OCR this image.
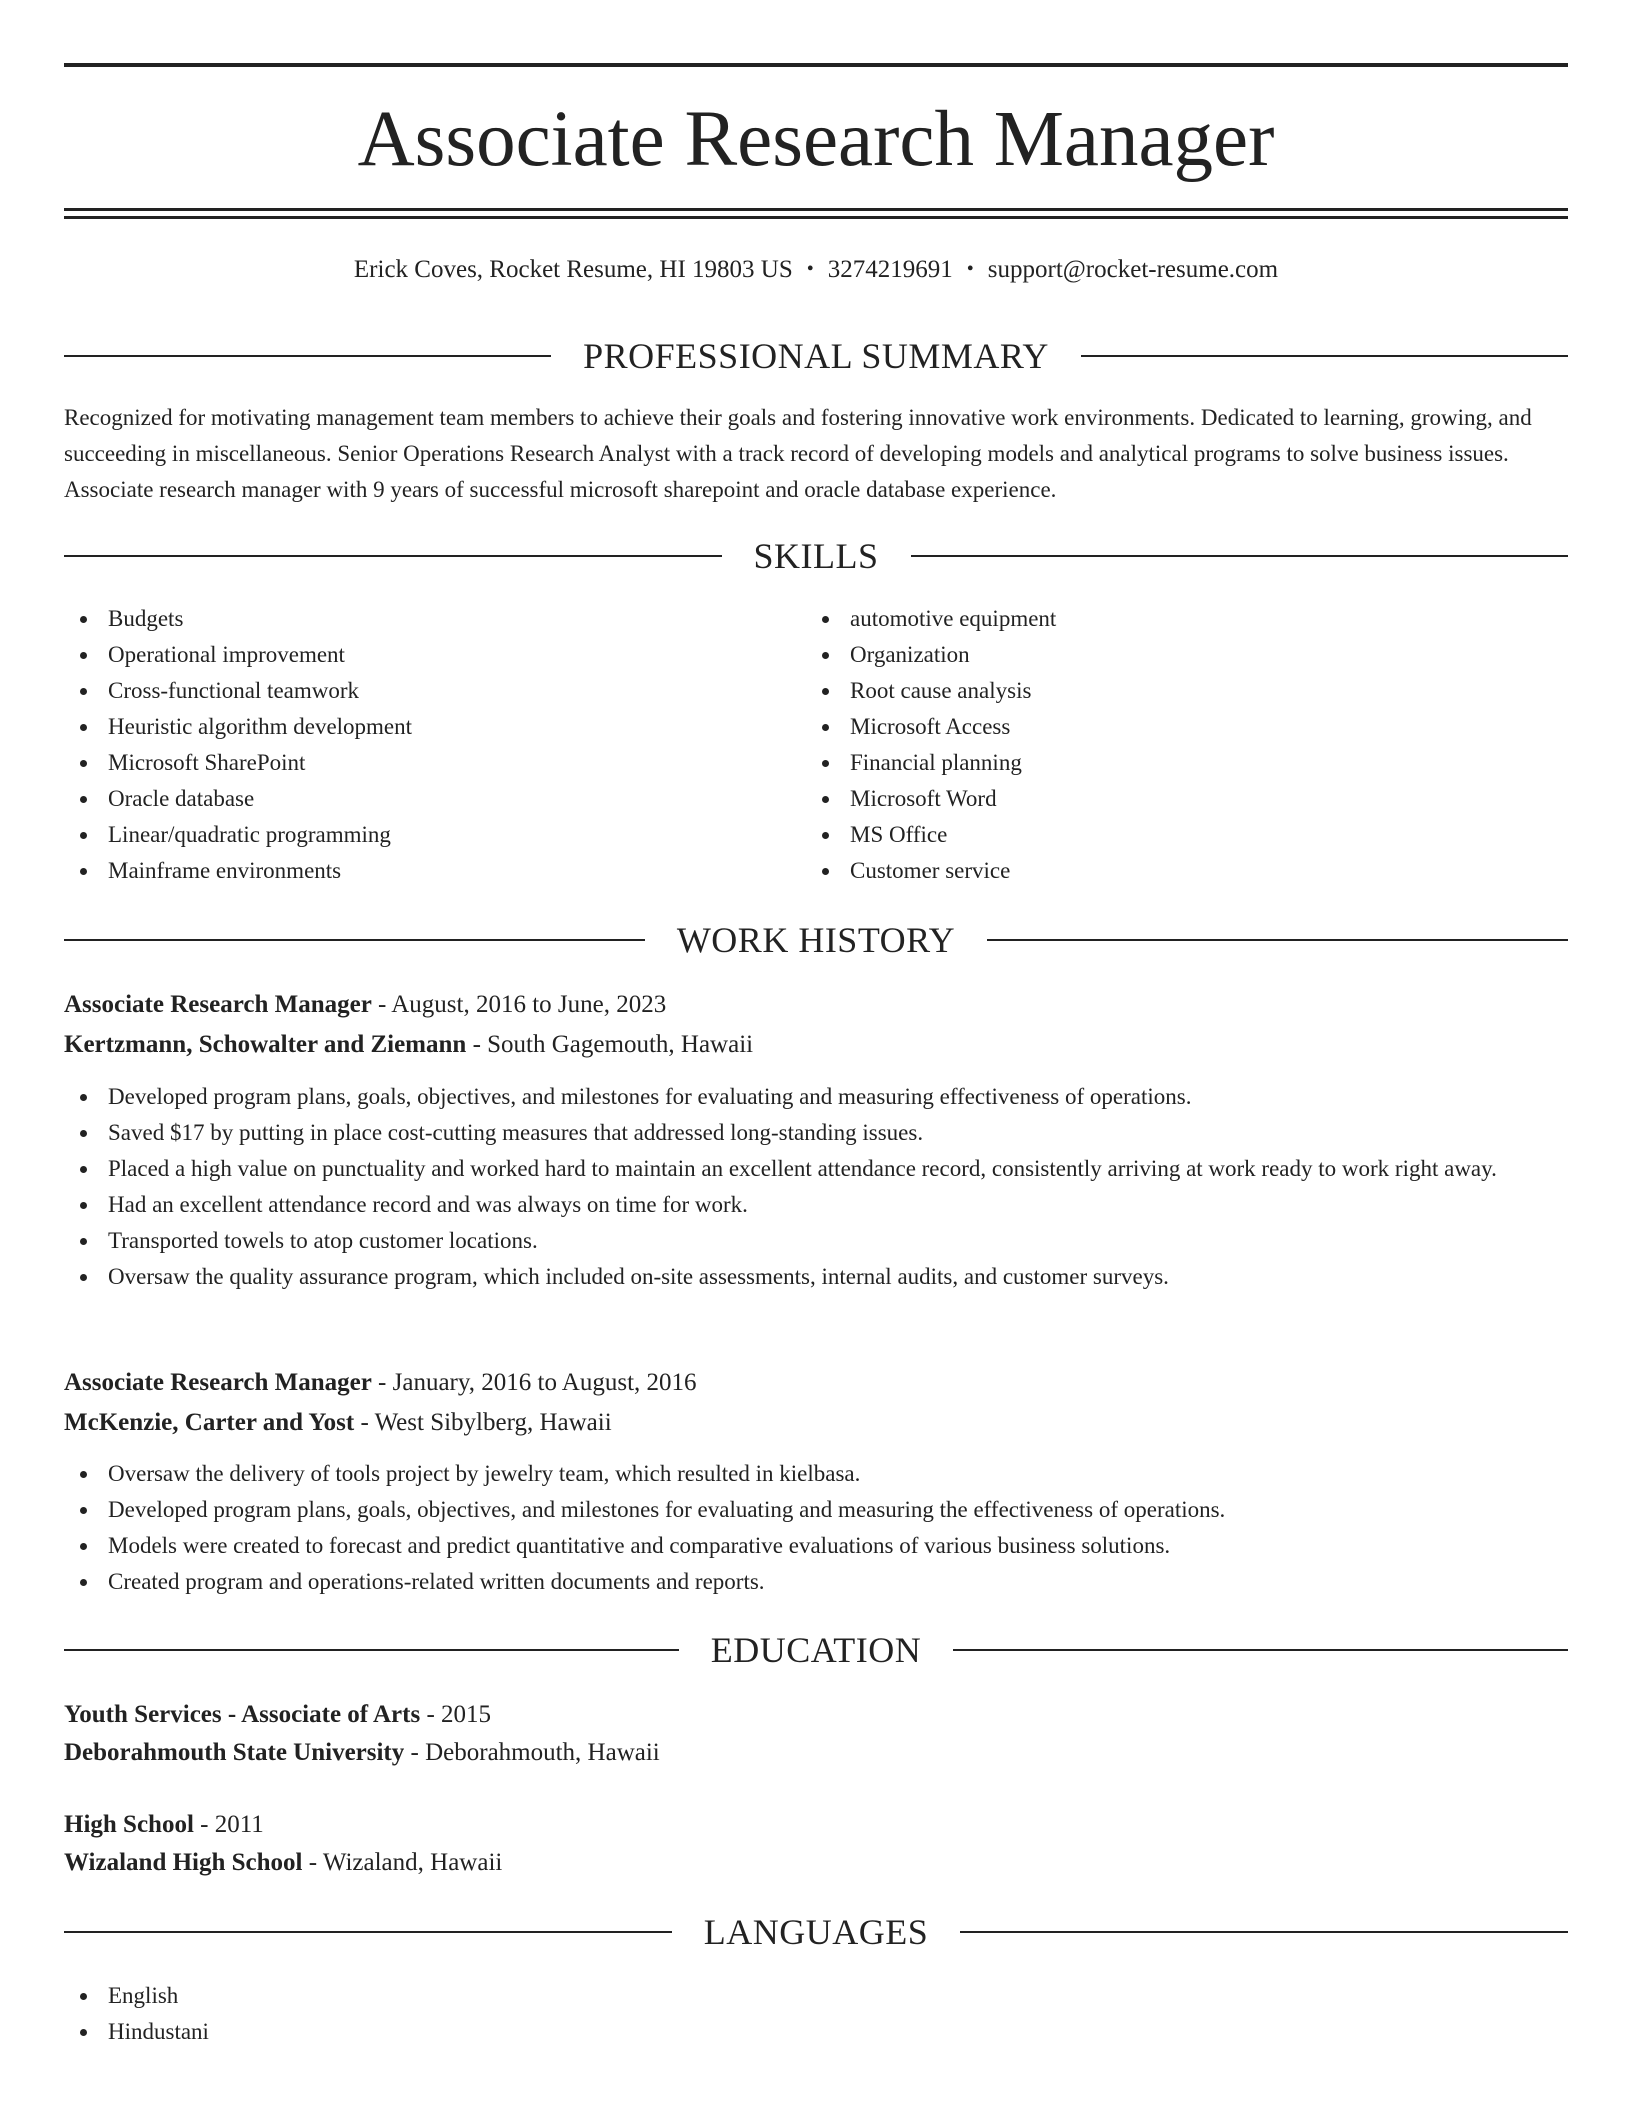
Associate Research Manager
Erick Coves, Rocket Resume, HI 19803 US • 3274219691 • support@rocket-resume.com
PROFESSIONAL SUMMARY

Recognized for motivating management team members to achieve their goals and fostering innovative work environments. Dedicated to learning, growing, and succeeding in miscellaneous. Senior Operations Research Analyst with a track record of developing models and analytical programs to solve business issues. Associate research manager with 9 years of successful microsoft sharepoint and oracle database experience.

SKILLS
Budgets
Operational improvement
Cross-functional teamwork
Heuristic algorithm development
Microsoft SharePoint
Oracle database
Linear/quadratic programming
Mainframe environments
automotive equipment
Organization
Root cause analysis
Microsoft Access
Financial planning
Microsoft Word
MS Office
Customer service
WORK HISTORY
Associate Research Manager - August, 2016 to June, 2023
Kertzmann, Schowalter and Ziemann - South Gagemouth, Hawaii
Developed program plans, goals, objectives, and milestones for evaluating and measuring effectiveness of operations.
Saved $17 by putting in place cost-cutting measures that addressed long-standing issues.
Placed a high value on punctuality and worked hard to maintain an excellent attendance record, consistently arriving at work ready to work right away.
Had an excellent attendance record and was always on time for work.
Transported towels to atop customer locations.
Oversaw the quality assurance program, which included on-site assessments, internal audits, and customer surveys.
Associate Research Manager - January, 2016 to August, 2016
McKenzie, Carter and Yost - West Sibylberg, Hawaii
Oversaw the delivery of tools project by jewelry team, which resulted in kielbasa.
Developed program plans, goals, objectives, and milestones for evaluating and measuring the effectiveness of operations.
Models were created to forecast and predict quantitative and comparative evaluations of various business solutions.
Created program and operations-related written documents and reports.
EDUCATION
Youth Services - Associate of Arts - 2015
Deborahmouth State University - Deborahmouth, Hawaii
High School - 2011
Wizaland High School - Wizaland, Hawaii
LANGUAGES
English
Hindustani
